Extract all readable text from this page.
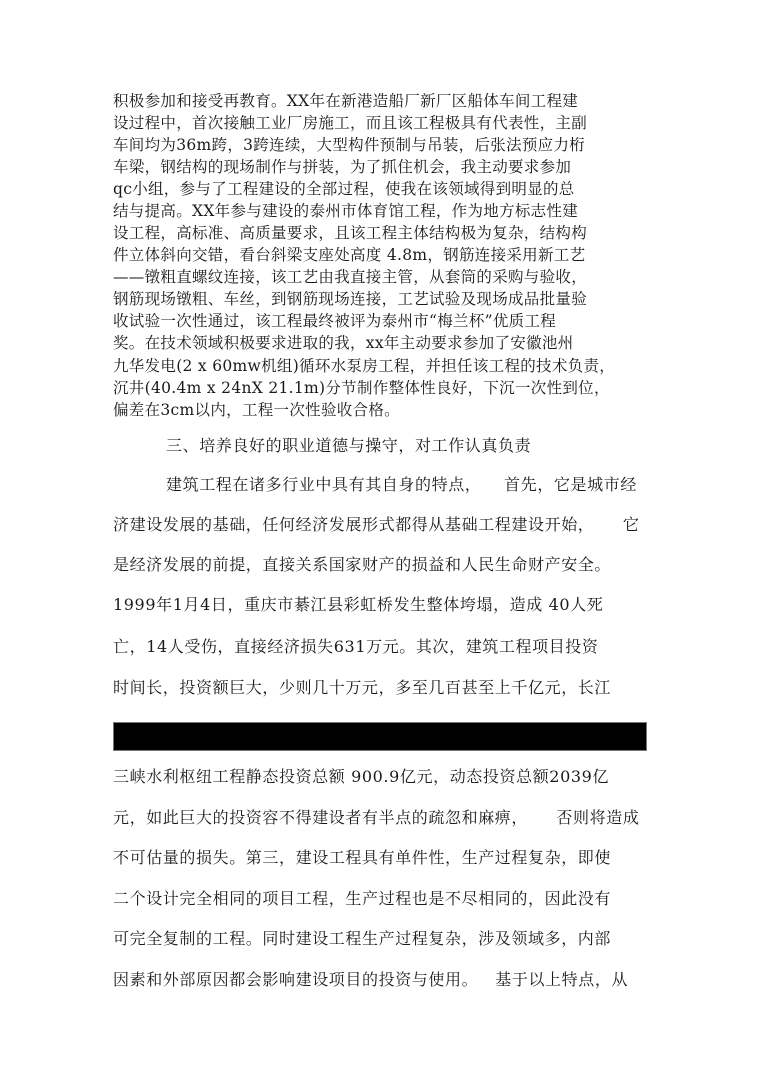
积极参加和接受再教育。XX年在新港造船厂新厂区船体车间工程建
设过程中，首次接触工业厂房施工，而且该工程极具有代表性，主副
车间均为36m跨，3跨连续，大型构件预制与吊装，后张法预应力桁
车梁，钢结构的现场制作与拼装，为了抓住机会，我主动要求参加
qc小组，参与了工程建设的全部过程，使我在该领域得到明显的总
结与提高。XX年参与建设的泰州市体育馆工程，作为地方标志性建
设工程，高标准、高质量要求，且该工程主体结构极为复杂，结构构
件立体斜向交错，看台斜梁支座处高度 4.8m，钢筋连接采用新工艺
——镦粗直螺纹连接，该工艺由我直接主管，从套筒的采购与验收，
钢筋现场镦粗、车丝，到钢筋现场连接，工艺试验及现场成品批量验
收试验一次性通过，该工程最终被评为泰州市“梅兰杯”优质工程
奖。在技术领域积极要求进取的我，xx年主动要求参加了安徽池州
九华发电(2 x 60mw机组)循环水泵房工程，并担任该工程的技术负责，
沉井(40.4m x 24nX 21.1m)分节制作整体性良好，下沉一次性到位，
偏差在3cm以内，工程一次性验收合格。
三、培养良好的职业道德与操守，对工作认真负责
建筑工程在诸多行业中具有其自身的特点，    首先，它是城市经
济建设发展的基础，任何经济发展形式都得从基础工程建设开始，     它
是经济发展的前提，直接关系国家财产的损益和人民生命财产安全。
1999年1月4日，重庆市綦江县彩虹桥发生整体垮塌，造成 40人死
亡，14人受伤，直接经济损失631万元。其次，建筑工程项目投资
时间长，投资额巨大，少则几十万元，多至几百甚至上千亿元，长江
三峡水利枢纽工程静态投资总额 900.9亿元，动态投资总额2039亿
元，如此巨大的投资容不得建设者有半点的疏忽和麻痹，     否则将造成
不可估量的损失。第三，建设工程具有单件性，生产过程复杂，即使
二个设计完全相同的项目工程，生产过程也是不尽相同的，因此没有
可完全复制的工程。同时建设工程生产过程复杂，涉及领域多，内部
因素和外部原因都会影响建设项目的投资与使用。   基于以上特点，从
